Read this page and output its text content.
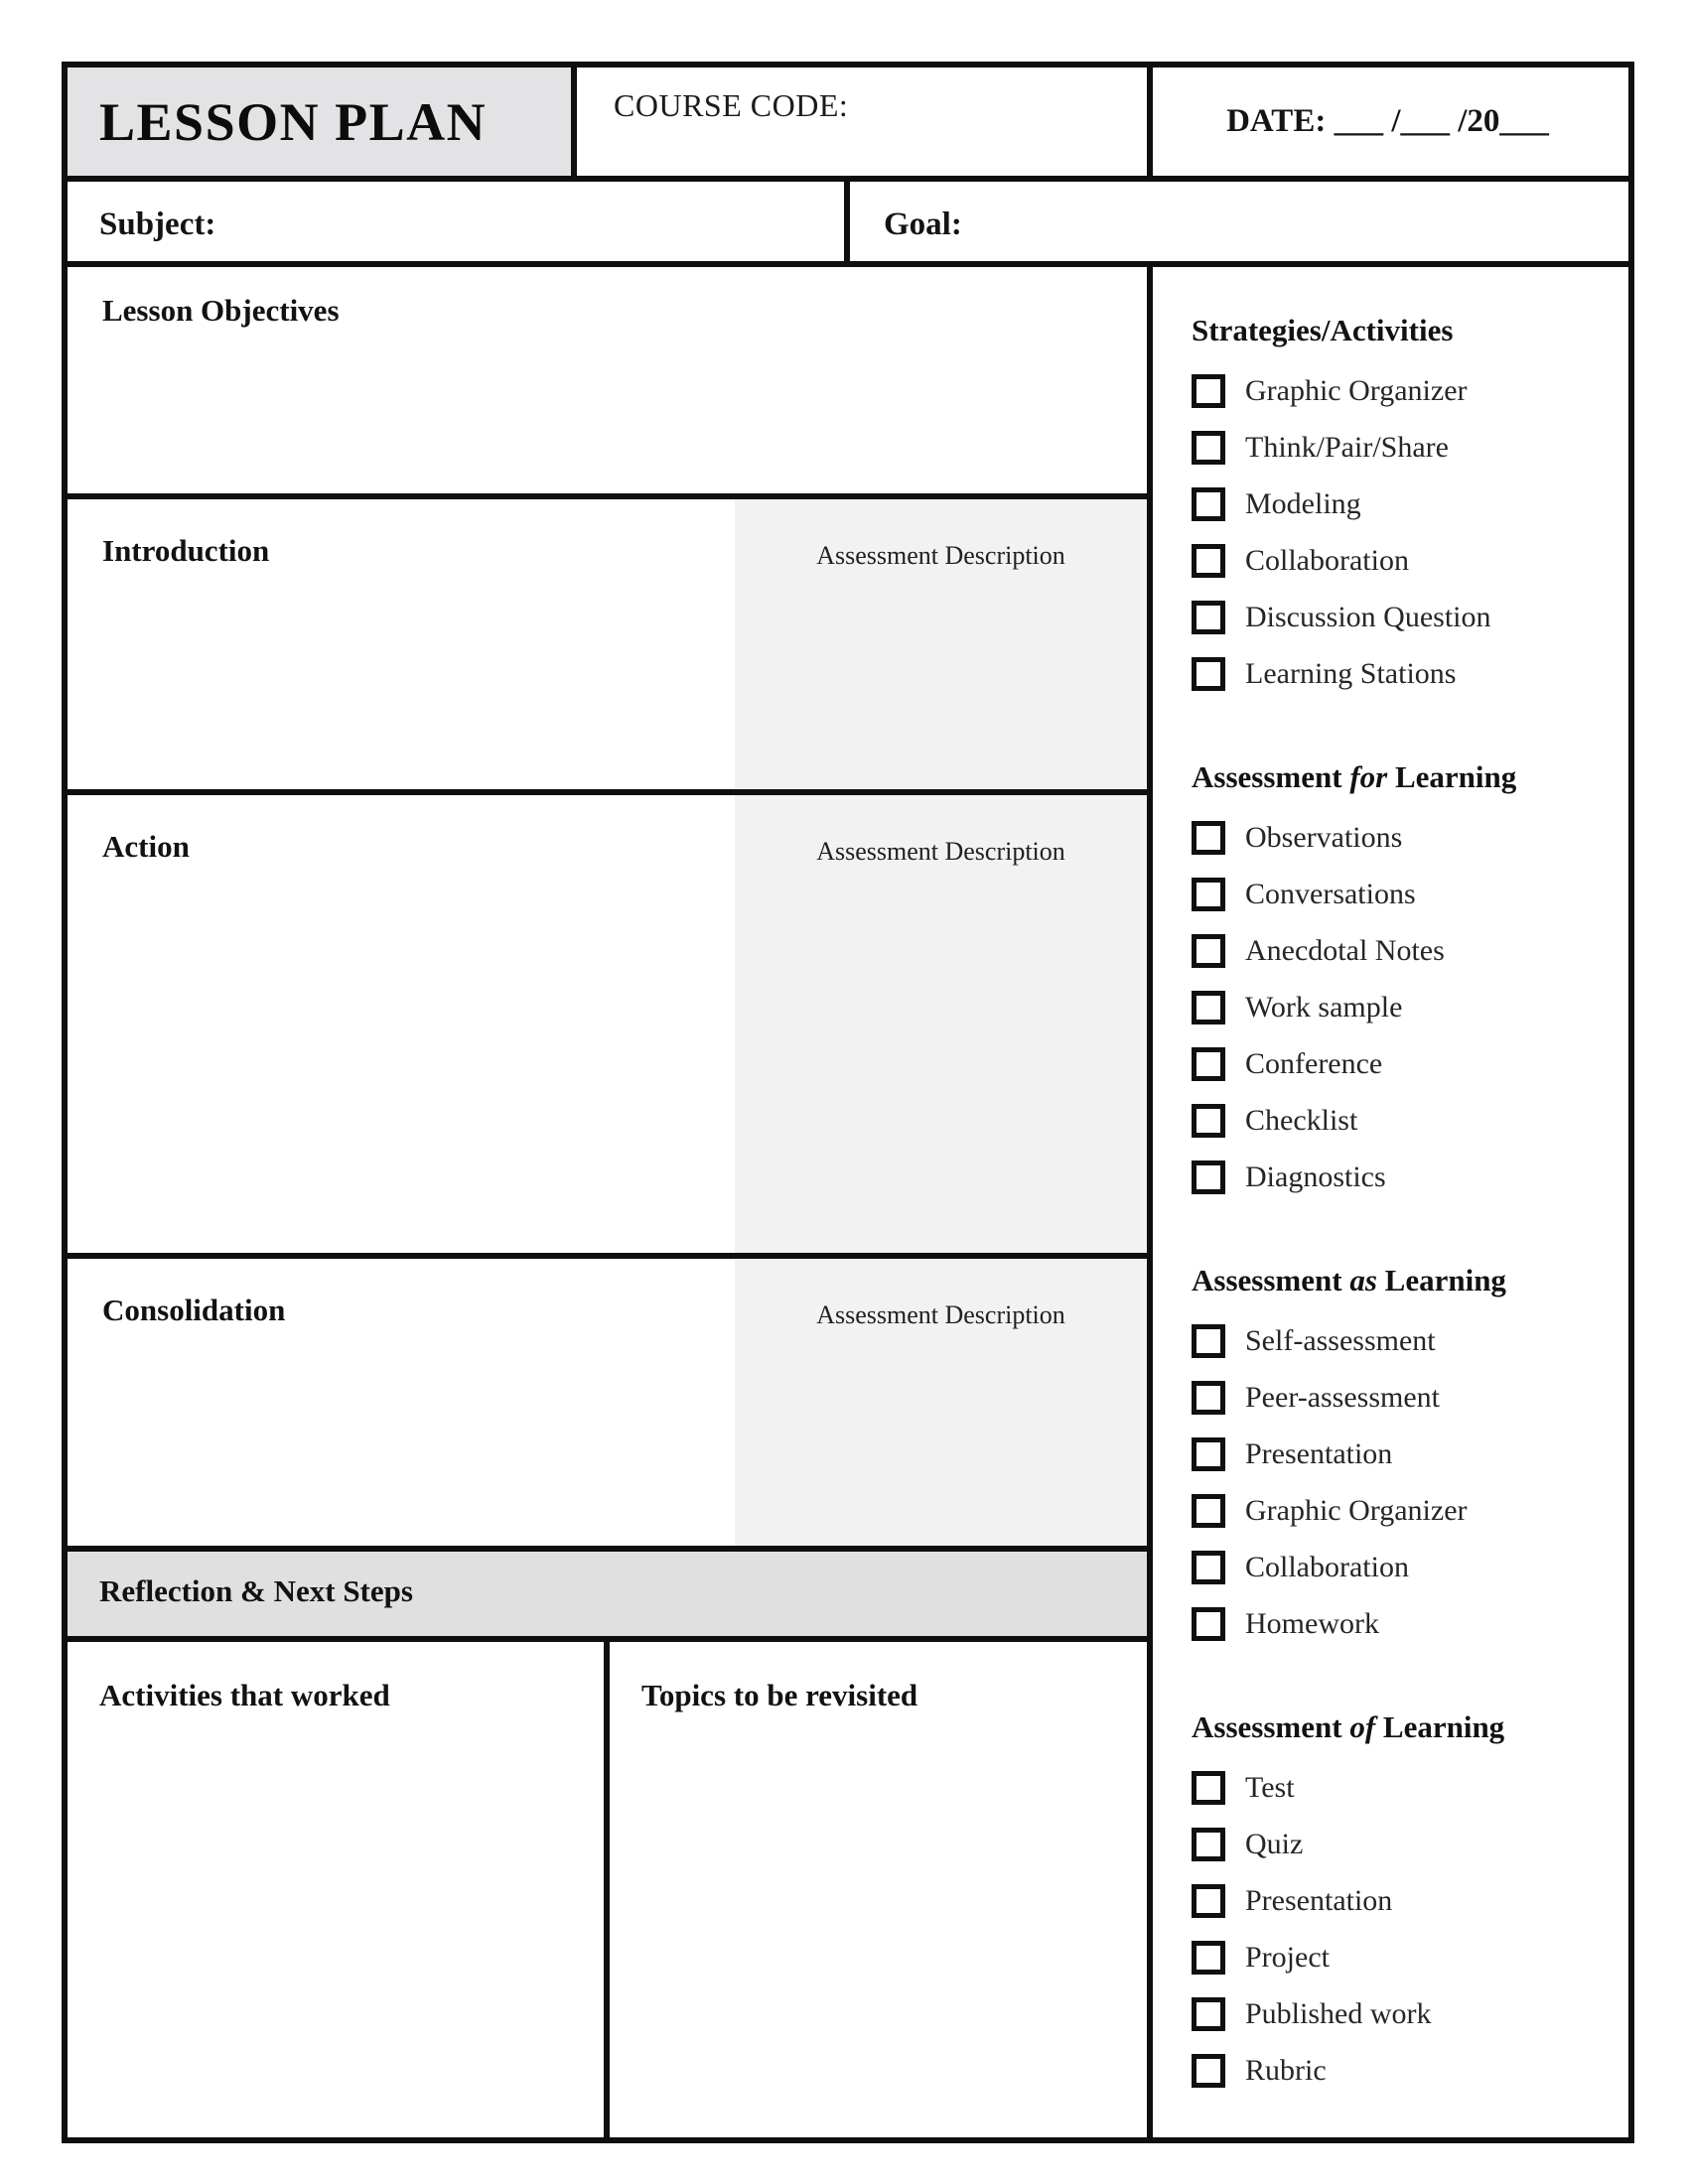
LESSON PLAN	COURSE CODE:	DATE: ___ /___ /20___
Subject:	Goal:
Lesson Objectives
Introduction	Assessment Description
Action	Assessment Description
Consolidation	Assessment Description
Reflection & Next Steps
Activities that worked	Topics to be revisited
Strategies/Activities
Graphic Organizer
Think/Pair/Share
Modeling
Collaboration
Discussion Question
Learning Stations
Assessment for Learning
Observations
Conversations
Anecdotal Notes
Work sample
Conference
Checklist
Diagnostics
Assessment as Learning
Self-assessment
Peer-assessment
Presentation
Graphic Organizer
Collaboration
Homework
Assessment of Learning
Test
Quiz
Presentation
Project
Published work
Rubric
